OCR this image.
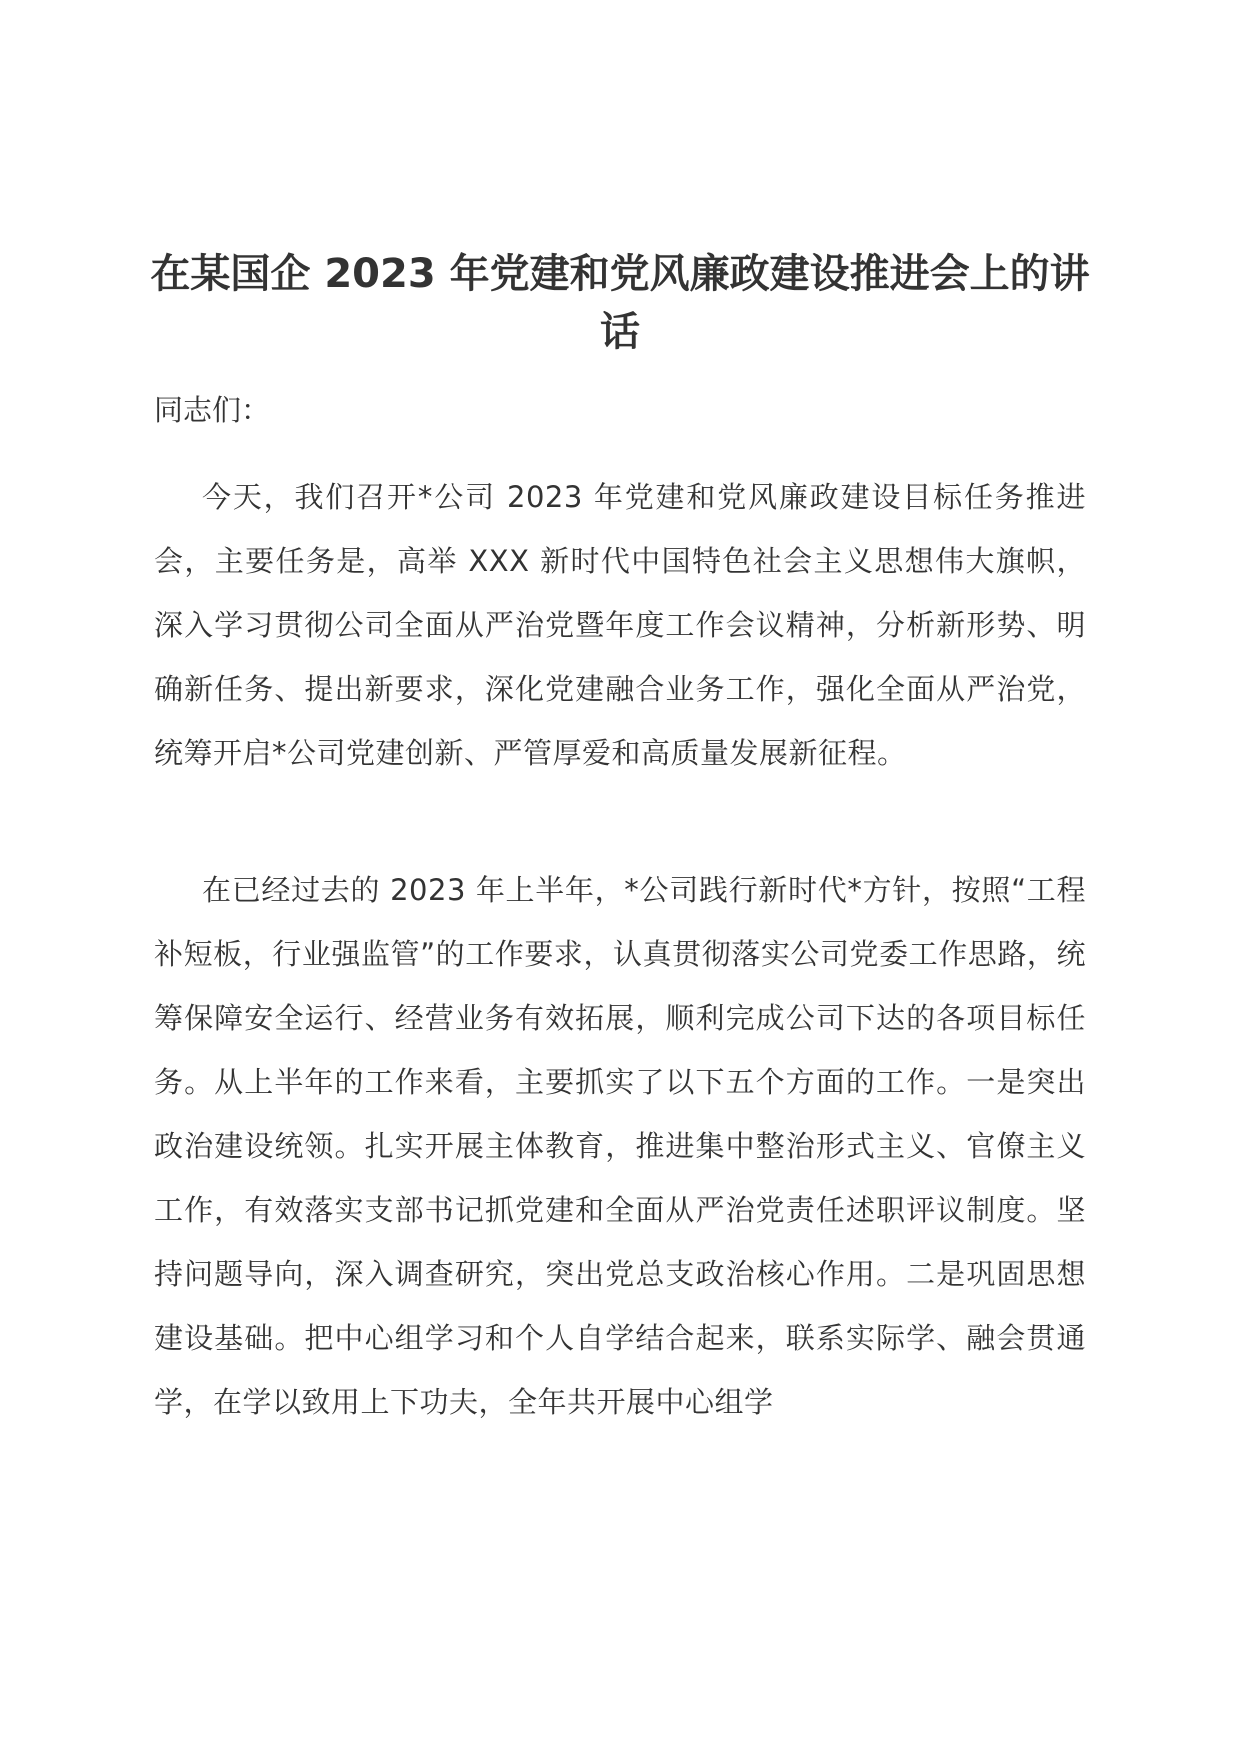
在某国企 2023 年党建和党风廉政建设推进会上的讲话

同志们：

今天，我们召开*公司 2023 年党建和党风廉政建设目标任务推进会，主要任务是，高举 XXX 新时代中国特色社会主义思想伟大旗帜，深入学习贯彻公司全面从严治党暨年度工作会议精神，分析新形势、明确新任务、提出新要求，深化党建融合业务工作，强化全面从严治党，统筹开启*公司党建创新、严管厚爱和高质量发展新征程。

在已经过去的 2023 年上半年，*公司践行新时代*方针，按照“工程补短板，行业强监管”的工作要求，认真贯彻落实公司党委工作思路，统筹保障安全运行、经营业务有效拓展，顺利完成公司下达的各项目标任务。从上半年的工作来看，主要抓实了以下五个方面的工作。一是突出政治建设统领。扎实开展主体教育，推进集中整治形式主义、官僚主义工作，有效落实支部书记抓党建和全面从严治党责任述职评议制度。坚持问题导向，深入调查研究，突出党总支政治核心作用。二是巩固思想建设基础。把中心组学习和个人自学结合起来，联系实际学、融会贯通学，在学以致用上下功夫，全年共开展中心组学
